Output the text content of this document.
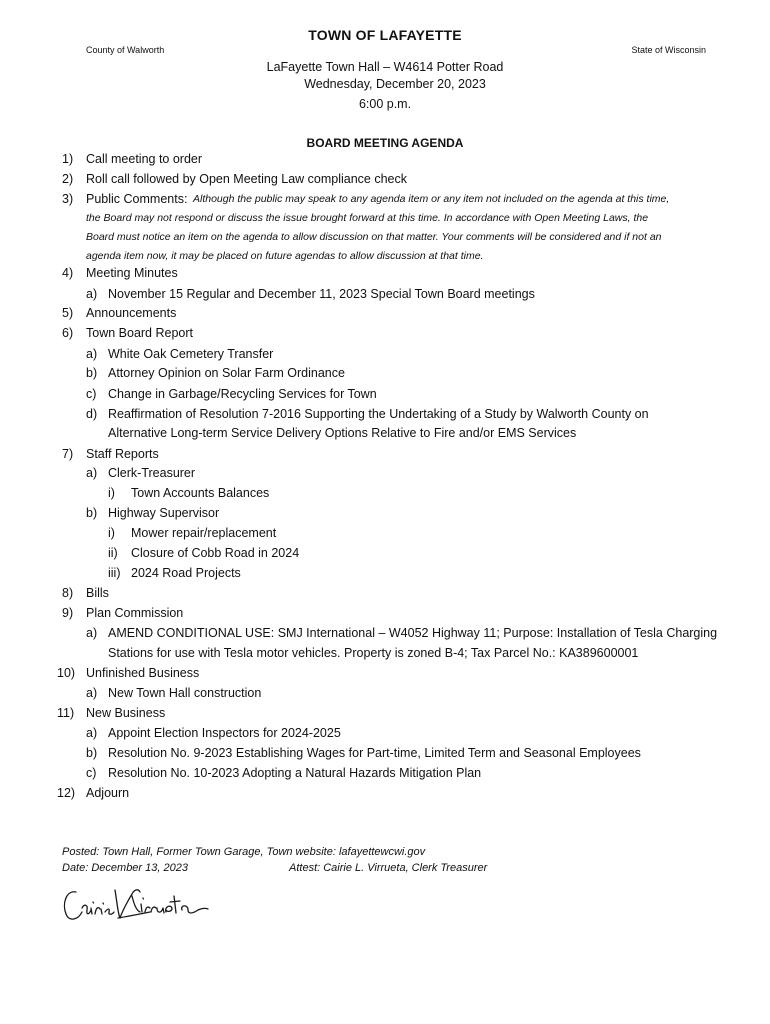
TOWN OF LAFAYETTE
County of Walworth	State of Wisconsin
LaFayette Town Hall – W4614 Potter Road
Wednesday, December 20, 2023
6:00 p.m.
BOARD MEETING AGENDA
1) Call meeting to order
2) Roll call followed by Open Meeting Law compliance check
3) Public Comments: Although the public may speak to any agenda item or any item not included on the agenda at this time,
the Board may not respond or discuss the issue brought forward at this time. In accordance with Open Meeting Laws, the
Board must notice an item on the agenda to allow discussion on that matter. Your comments will be considered and if not an
agenda item now, it may be placed on future agendas to allow discussion at that time.
4) Meeting Minutes
a) November 15 Regular and December 11, 2023 Special Town Board meetings
5) Announcements
6) Town Board Report
a) White Oak Cemetery Transfer
b) Attorney Opinion on Solar Farm Ordinance
c) Change in Garbage/Recycling Services for Town
d) Reaffirmation of Resolution 7-2016 Supporting the Undertaking of a Study by Walworth County on
Alternative Long-term Service Delivery Options Relative to Fire and/or EMS Services
7) Staff Reports
a) Clerk-Treasurer
i) Town Accounts Balances
b) Highway Supervisor
i) Mower repair/replacement
ii) Closure of Cobb Road in 2024
iii) 2024 Road Projects
8) Bills
9) Plan Commission
a) AMEND CONDITIONAL USE: SMJ International – W4052 Highway 11; Purpose: Installation of Tesla Charging
Stations for use with Tesla motor vehicles. Property is zoned B-4; Tax Parcel No.: KA389600001
10) Unfinished Business
a) New Town Hall construction
11) New Business
a) Appoint Election Inspectors for 2024-2025
b) Resolution No. 9-2023 Establishing Wages for Part-time, Limited Term and Seasonal Employees
c) Resolution No. 10-2023 Adopting a Natural Hazards Mitigation Plan
12) Adjourn
Posted: Town Hall, Former Town Garage, Town website: lafayettewcwi.gov
Date: December 13, 2023	Attest: Cairie L. Virrueta, Clerk Treasurer
